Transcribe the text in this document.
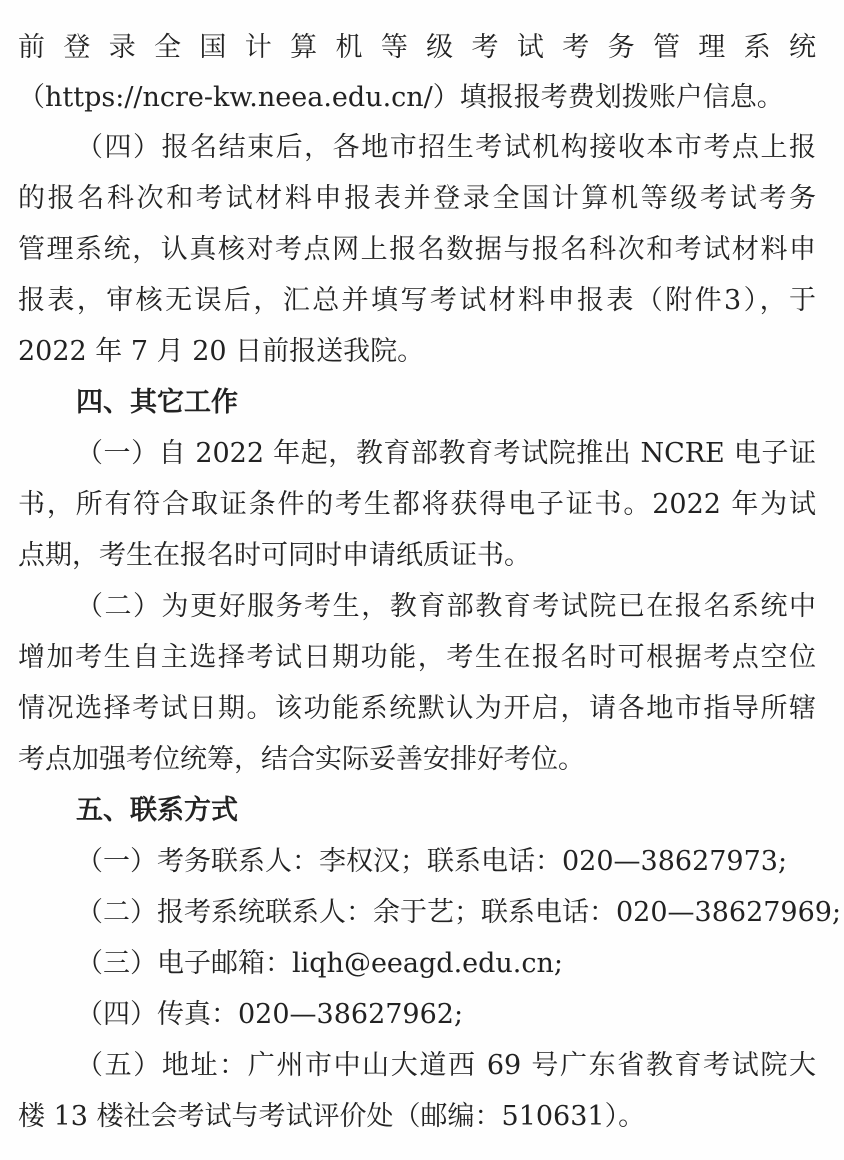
前登录全国计算机等级考试考务管理系统
（https://ncre-kw.neea.edu.cn/）填报报考费划拨账户信息。
（四）报名结束后，各地市招生考试机构接收本市考点上报
的报名科次和考试材料申报表并登录全国计算机等级考试考务
管理系统，认真核对考点网上报名数据与报名科次和考试材料申
报表，审核无误后，汇总并填写考试材料申报表（附件3），于
2022 年 7 月 20 日前报送我院。
四、其它工作
（一）自 2022 年起，教育部教育考试院推出 NCRE 电子证
书，所有符合取证条件的考生都将获得电子证书。2022 年为试
点期，考生在报名时可同时申请纸质证书。
（二）为更好服务考生，教育部教育考试院已在报名系统中
增加考生自主选择考试日期功能，考生在报名时可根据考点空位
情况选择考试日期。该功能系统默认为开启，请各地市指导所辖
考点加强考位统筹，结合实际妥善安排好考位。
五、联系方式
（一）考务联系人：李权汉；联系电话：020—38627973;
（二）报考系统联系人：余于艺；联系电话：020—38627969;
（三）电子邮箱：liqh@eeagd.edu.cn;
（四）传真：020—38627962;
（五）地址：广州市中山大道西 69 号广东省教育考试院大
楼 13 楼社会考试与考试评价处（邮编：510631）。
